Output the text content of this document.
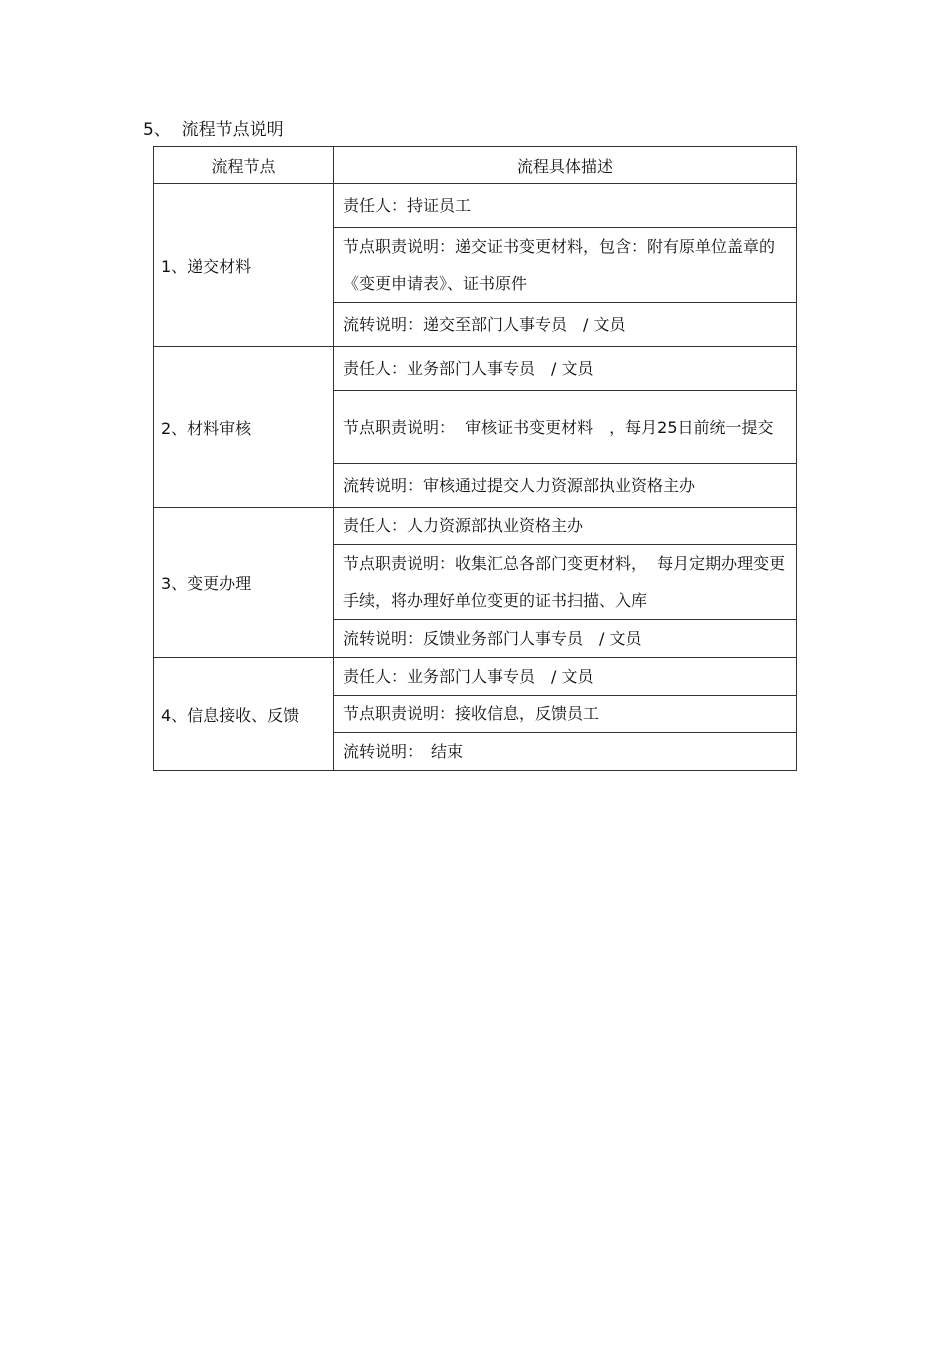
5、 流程节点说明
流程节点	流程具体描述
1、递交材料	责任人：持证员工
	节点职责说明：递交证书变更材料，包含：附有原单位盖章的《变更申请表》、证书原件
	流转说明：递交至部门人事专员　/ 文员
2、材料审核	责任人：业务部门人事专员　/ 文员
	节点职责说明：  审核证书变更材料　，每月25日前统一提交
	流转说明：审核通过提交人力资源部执业资格主办
3、变更办理	责任人：人力资源部执业资格主办
	节点职责说明：收集汇总各部门变更材料，  每月定期办理变更手续，将办理好单位变更的证书扫描、入库
	流转说明：反馈业务部门人事专员　/ 文员
4、信息接收、反馈	责任人：业务部门人事专员　/ 文员
	节点职责说明：接收信息，反馈员工
	流转说明：　结束
